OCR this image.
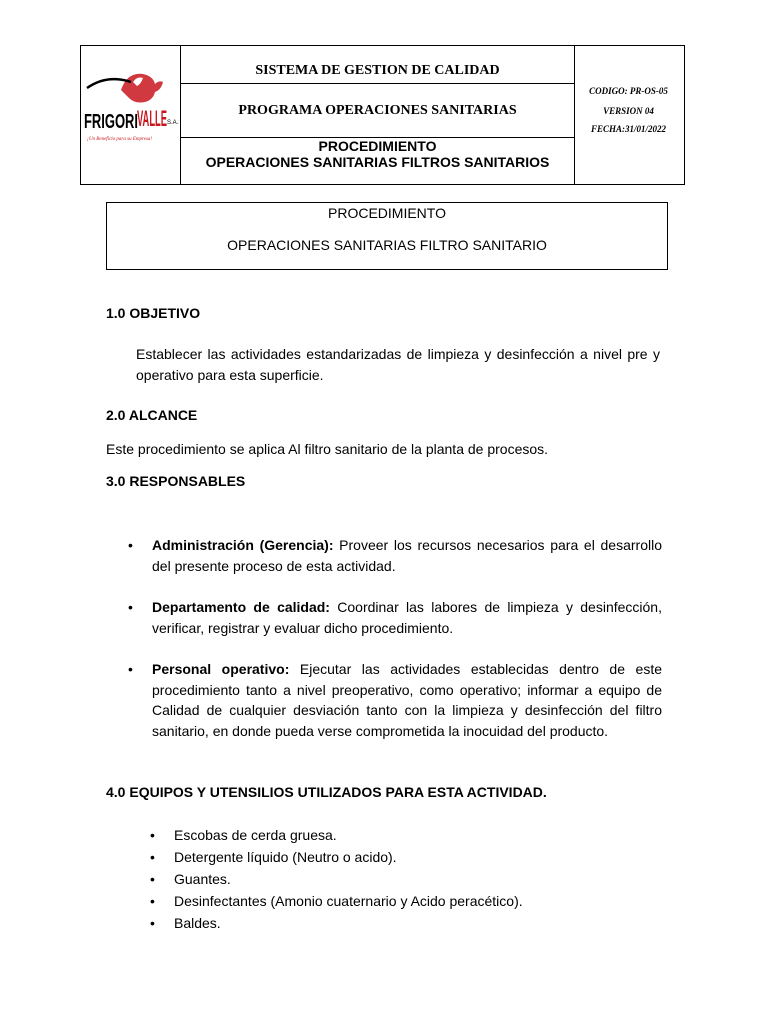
FRIGORI VALLE S.A.
¡Un Beneficio para su Empresa!
SISTEMA DE GESTION DE CALIDAD
PROGRAMA OPERACIONES SANITARIAS
PROCEDIMIENTO
OPERACIONES SANITARIAS FILTROS SANITARIOS
CODIGO: PR-OS-05
VERSION 04
FECHA:31/01/2022
PROCEDIMIENTO
OPERACIONES SANITARIAS FILTRO SANITARIO
1.0 OBJETIVO
Establecer las actividades estandarizadas de limpieza y desinfección a nivel pre y operativo para esta superficie.
2.0 ALCANCE
Este procedimiento se aplica Al filtro sanitario de la planta de procesos.
3.0 RESPONSABLES
• Administración (Gerencia): Proveer los recursos necesarios para el desarrollo del presente proceso de esta actividad.
• Departamento de calidad: Coordinar las labores de limpieza y desinfección, verificar, registrar y evaluar dicho procedimiento.
• Personal operativo: Ejecutar las actividades establecidas dentro de este procedimiento tanto a nivel preoperativo, como operativo; informar a equipo de Calidad de cualquier desviación tanto con la limpieza y desinfección del filtro sanitario, en donde pueda verse comprometida la inocuidad del producto.
4.0 EQUIPOS Y UTENSILIOS UTILIZADOS PARA ESTA ACTIVIDAD.
• Escobas de cerda gruesa.
• Detergente líquido (Neutro o acido).
• Guantes.
• Desinfectantes (Amonio cuaternario y Acido peracético).
• Baldes.
